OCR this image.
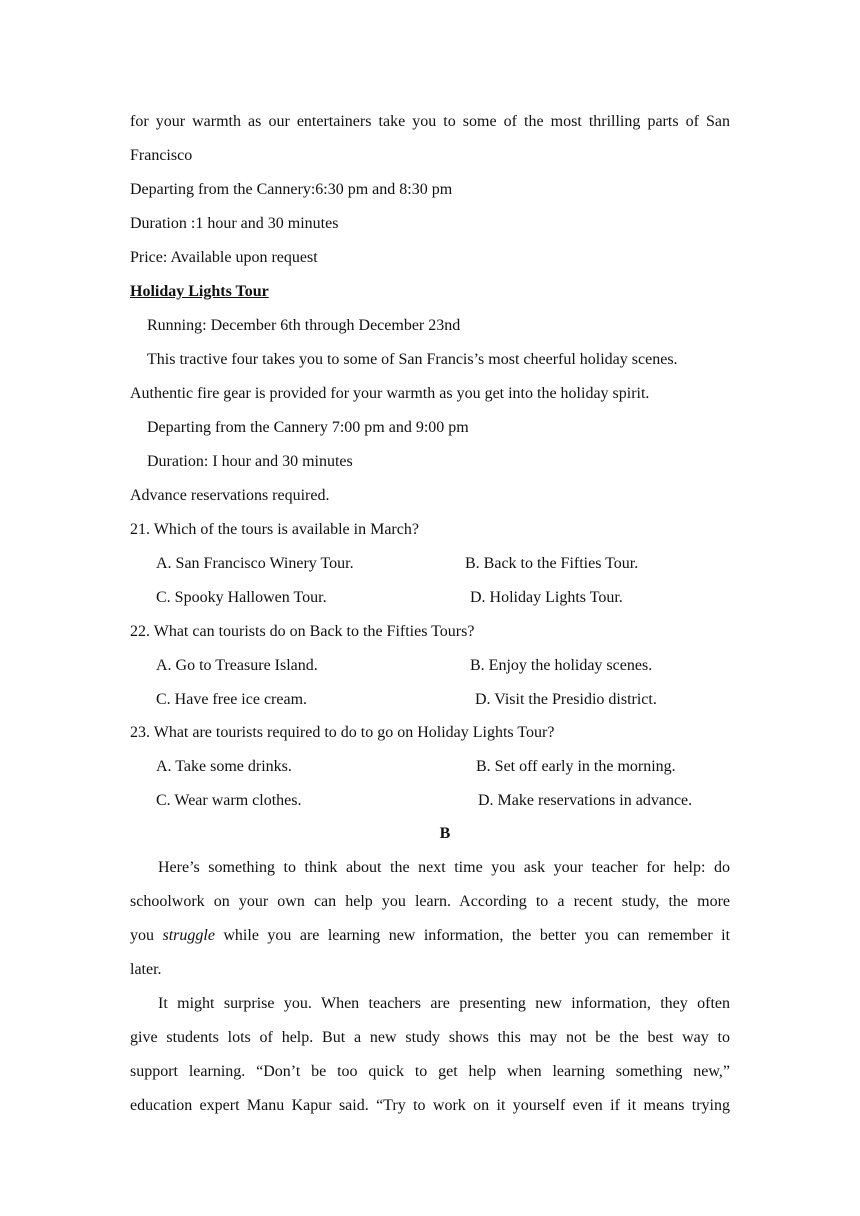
for your warmth as our entertainers take you to some of the most thrilling parts of San
Francisco
Departing from the Cannery:6:30 pm and 8:30 pm
Duration :1 hour and 30 minutes
Price: Available upon request
Holiday Lights Tour
Running: December 6th through December 23nd
This tractive four takes you to some of San Francis’s most cheerful holiday scenes.
Authentic fire gear is provided for your warmth as you get into the holiday spirit.
Departing from the Cannery 7:00 pm and 9:00 pm
Duration: I hour and 30 minutes
Advance reservations required.
21. Which of the tours is available in March?
A. San Francisco Winery Tour.	B. Back to the Fifties Tour.
C. Spooky Hallowen Tour.	D. Holiday Lights Tour.
22. What can tourists do on Back to the Fifties Tours?
A. Go to Treasure Island.	B. Enjoy the holiday scenes.
C. Have free ice cream.	D. Visit the Presidio district.
23. What are tourists required to do to go on Holiday Lights Tour?
A. Take some drinks.	B. Set off early in the morning.
C. Wear warm clothes.	D. Make reservations in advance.
B
Here’s something to think about the next time you ask your teacher for help: do
schoolwork on your own can help you learn. According to a recent study, the more
you struggle while you are learning new information, the better you can remember it
later.
It might surprise you. When teachers are presenting new information, they often
give students lots of help. But a new study shows this may not be the best way to
support learning. “Don’t be too quick to get help when learning something new,”
education expert Manu Kapur said. “Try to work on it yourself even if it means trying
